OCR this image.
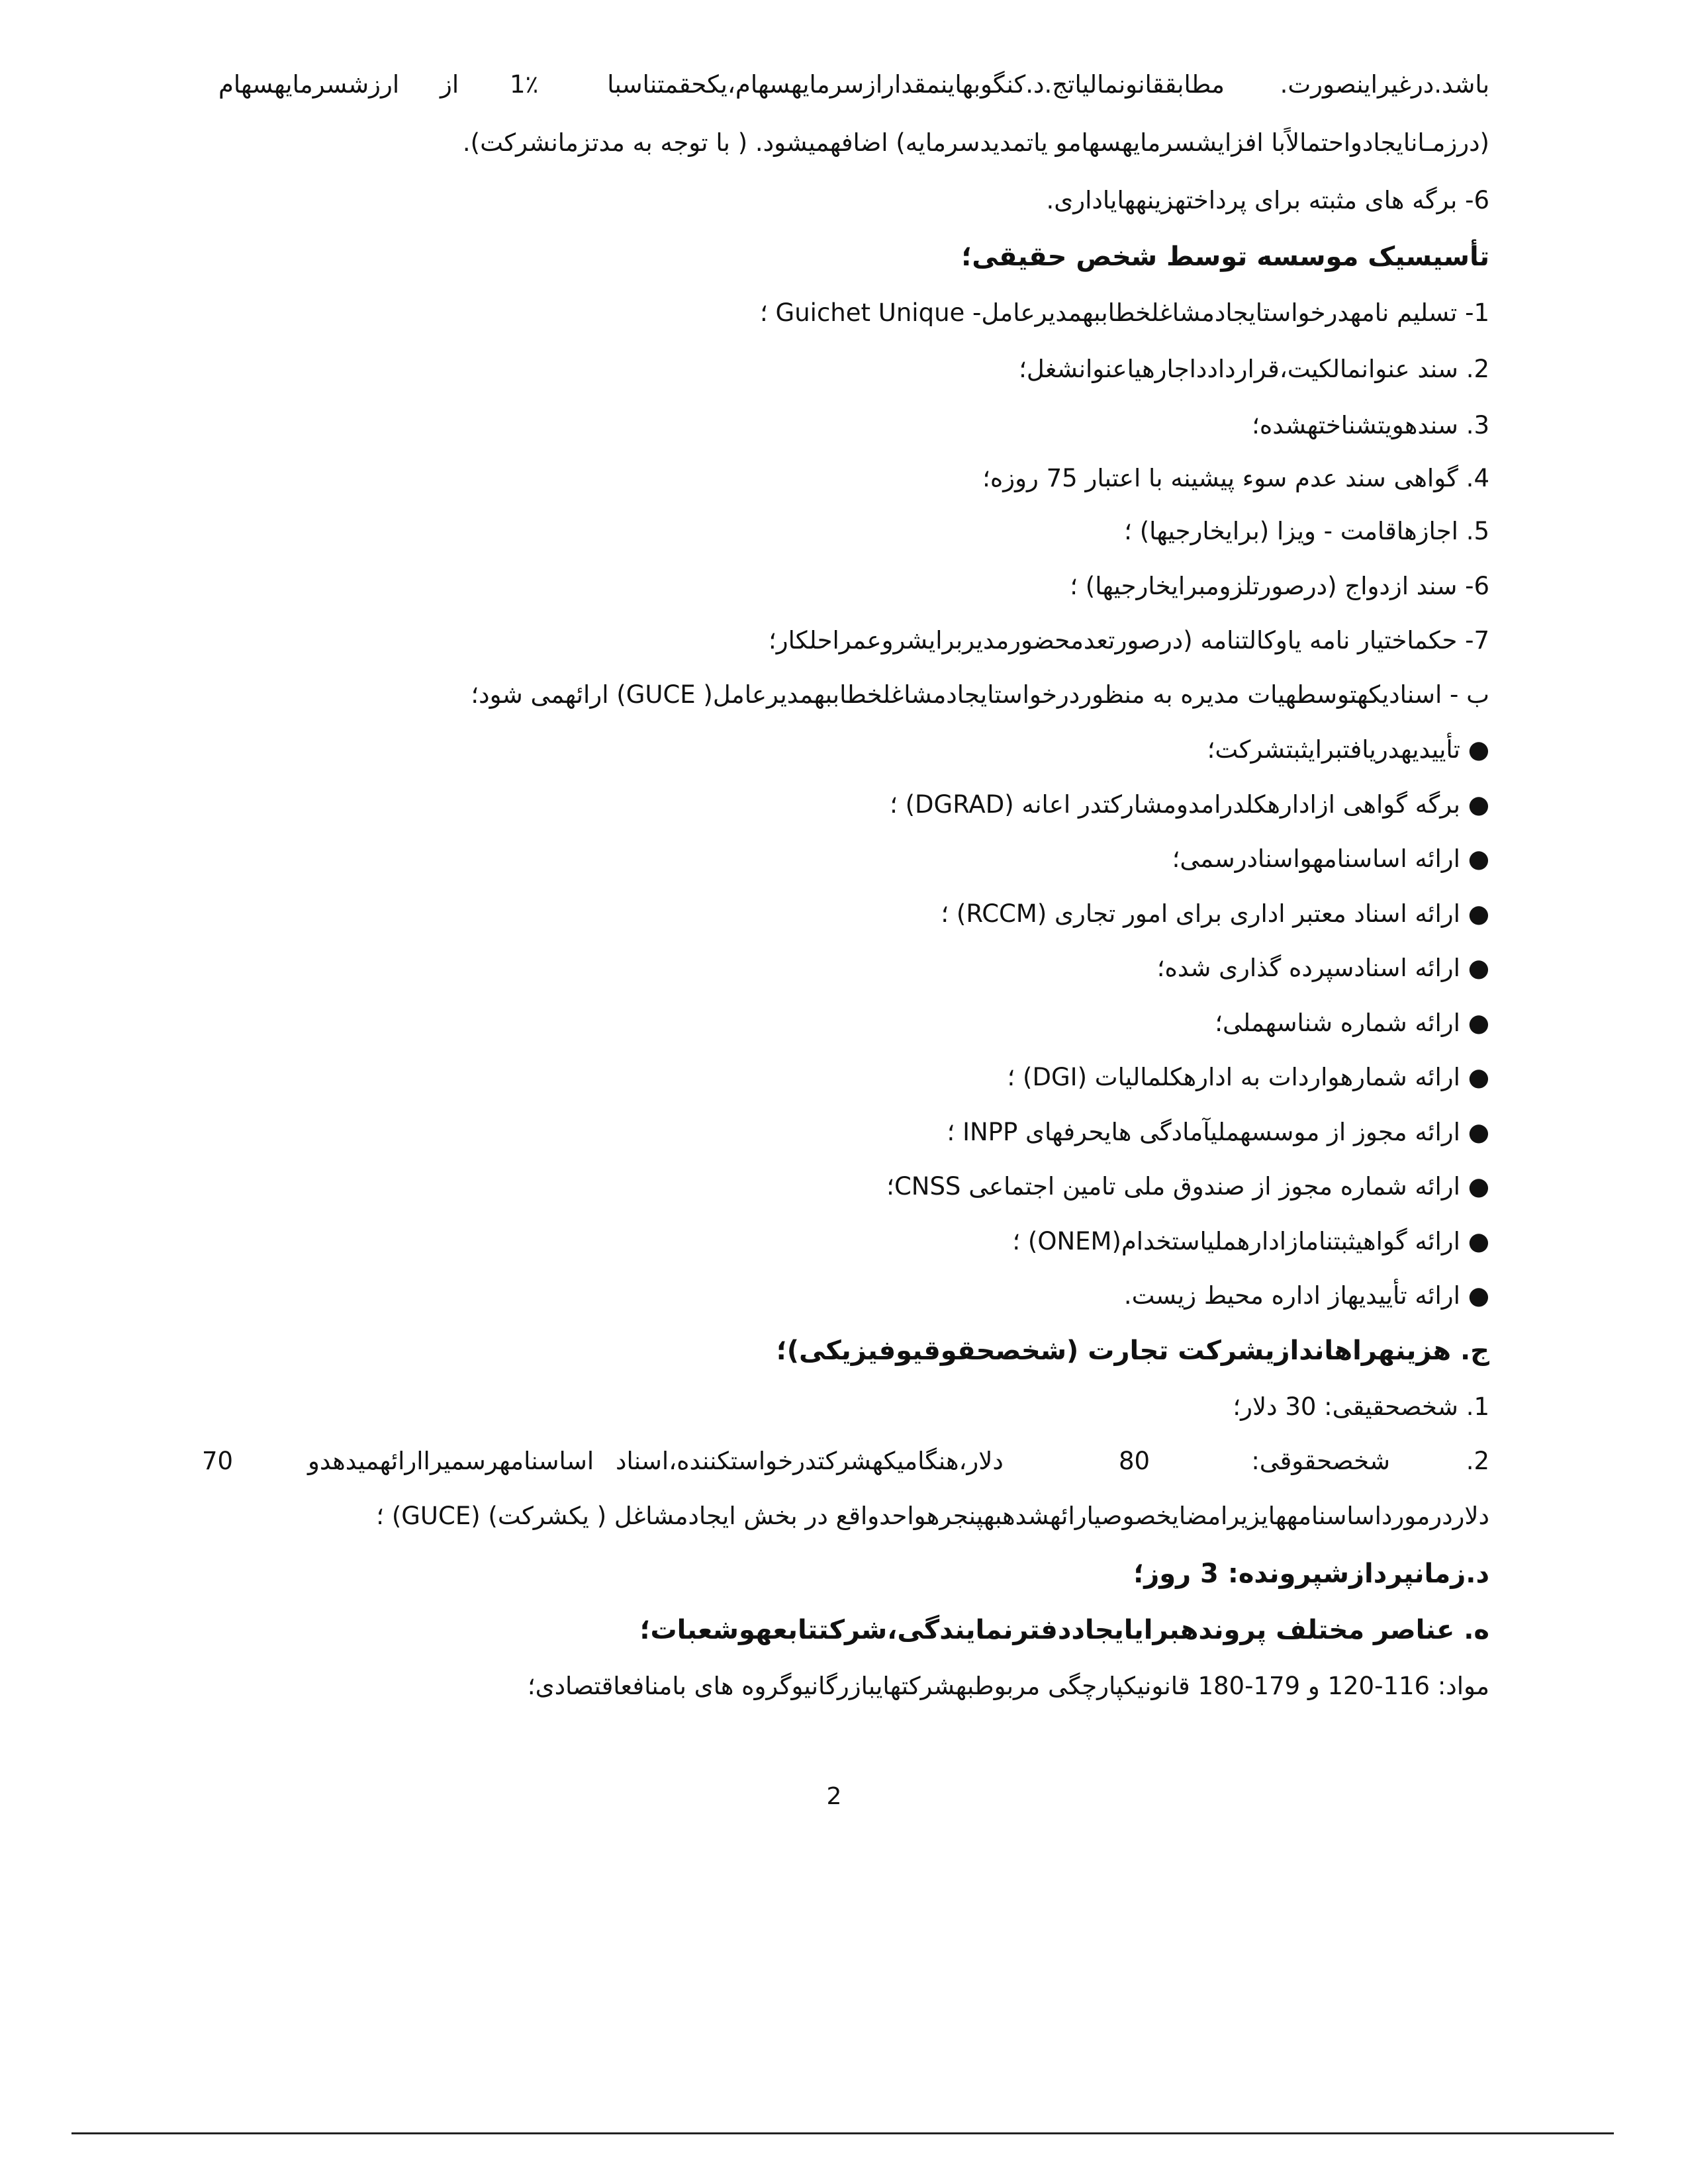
باشد.درغیراینصورت.
مطابققانونمالیاتج.د.کنگوبهاینمقدارازسرمایهسهام،یکحقمتناسبا
1٪
از
ارزشسرمایهسهام
(درزمـانایجادواحتمالاًبا افزایشسرمایهسهامو یاتمدیدسرمایه) اضافهمیشود. ( با توجه به مدتزمانشرکت).
6- برگه های مثبته برای پرداختهزینههایاداری.
تأسیسیک موسسه توسط شخص حقیقی؛
1- تسلیم نامهدرخواستایجادمشاغلخطاببهمدیرعامل- Guichet Unique ؛
2. سند عنوانمالکیت،قراردادداجارهیاعنوانشغل؛
3. سندهویتشناختهشده؛
4. گواهی سند عدم سوء پیشینه با اعتبار 75 روزه؛
5. اجازهاقامت - ویزا (برایخارجیها) ؛
6- سند ازدواج (درصورتلزومبرایخارجیها) ؛
7- حکماختیار نامه یاوکالتنامه (درصورتعدمحضورمدیربرایشروعمراحلکار؛
ب - اسنادیکهتوسطهیات مدیره به منظوردرخواستایجادمشاغلخطاببهمدیرعامل( GUCE) ارائهمی شود؛
● تأییدیهدریافتبرایثبتشرکت؛
● برگه گواهی ازادارهکلدرامدومشارکتدر اعانه (DGRAD) ؛
● ارائه اساسنامهواسنادرسمی؛
● ارائه اسناد معتبر اداری برای امور تجاری (RCCM) ؛
● ارائه اسنادسپرده گذاری شده؛
● ارائه شماره شناسهملی؛
● ارائه شمارهواردات به ادارهکلمالیات (DGI) ؛
● ارائه مجوز از موسسهملیآمادگی هایحرفهای INPP ؛
● ارائه شماره مجوز از صندوق ملی تامین اجتماعی CNSS؛
● ارائه گواهیثبتنامازادارهملیاستخدام(ONEM) ؛
● ارائه تأییدیهاز اداره محیط زیست.
ج. هزینهراهاندازیشرکت تجارت (شخصحقوقیوفیزیکی)؛
1. شخصحقیقی: 30 دلار؛
2.
شخصحقوقی:
80
دلار،هنگامیکهشرکتدرخواستکننده،اسناد
اساسنامهرسمیراارائهمیدهدو
70
دلاردرمورداساسنامههایزیرامضایخصوصیارائهشدهبهپنجرهواحدواقع در بخش ایجادمشاغل ( یکشرکت) (GUCE) ؛
د.زمانپردازشپرونده: 3 روز؛
ه. عناصر مختلف پروندهبرایایجاددفترنمایندگی،شرکتتابعهوشعبات؛
مواد: 116-120 و 179-180 قانونیکپارچگی مربوطبهشرکتهایبازرگانیوگروه های بامنافعاقتصادی؛
2
